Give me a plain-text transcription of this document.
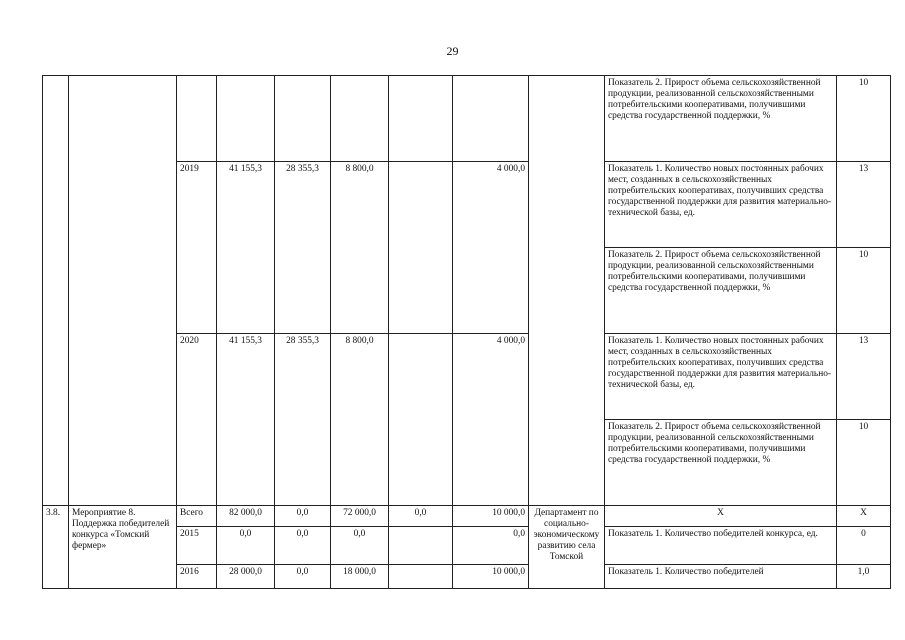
29
									Показатель 2. Прирост объема сельскохозяйственной продукции, реализованной сельскохозяйственными потребительскими кооперативами, получившими средства государственной поддержки, %	10
		2019	41 155,3	28 355,3	8 800,0		4 000,0		Показатель 1. Количество новых постоянных рабочих мест, созданных в сельскохозяйственных потребительских кооперативах, получивших средства государственной поддержки для развития материально-технической базы, ед.	13
									Показатель 2. Прирост объема сельскохозяйственной продукции, реализованной сельскохозяйственными потребительскими кооперативами, получившими средства государственной поддержки, %	10
		2020	41 155,3	28 355,3	8 800,0		4 000,0		Показатель 1. Количество новых постоянных рабочих мест, созданных в сельскохозяйственных потребительских кооперативах, получивших средства государственной поддержки для развития материально-технической базы, ед.	13
									Показатель 2. Прирост объема сельскохозяйственной продукции, реализованной сельскохозяйственными потребительскими кооперативами, получившими средства государственной поддержки, %	10
3.8.	Мероприятие 8. Поддержка победителей конкурса «Томский фермер»	Всего	82 000,0	0,0	72 000,0	0,0	10 000,0	Департамент по социально-экономическому развитию села Томской	Х	Х
		2015	0,0	0,0	0,0		0,0		Показатель 1. Количество победителей конкурса, ед.	0
		2016	28 000,0	0,0	18 000,0		10 000,0		Показатель 1. Количество победителей	1,0
